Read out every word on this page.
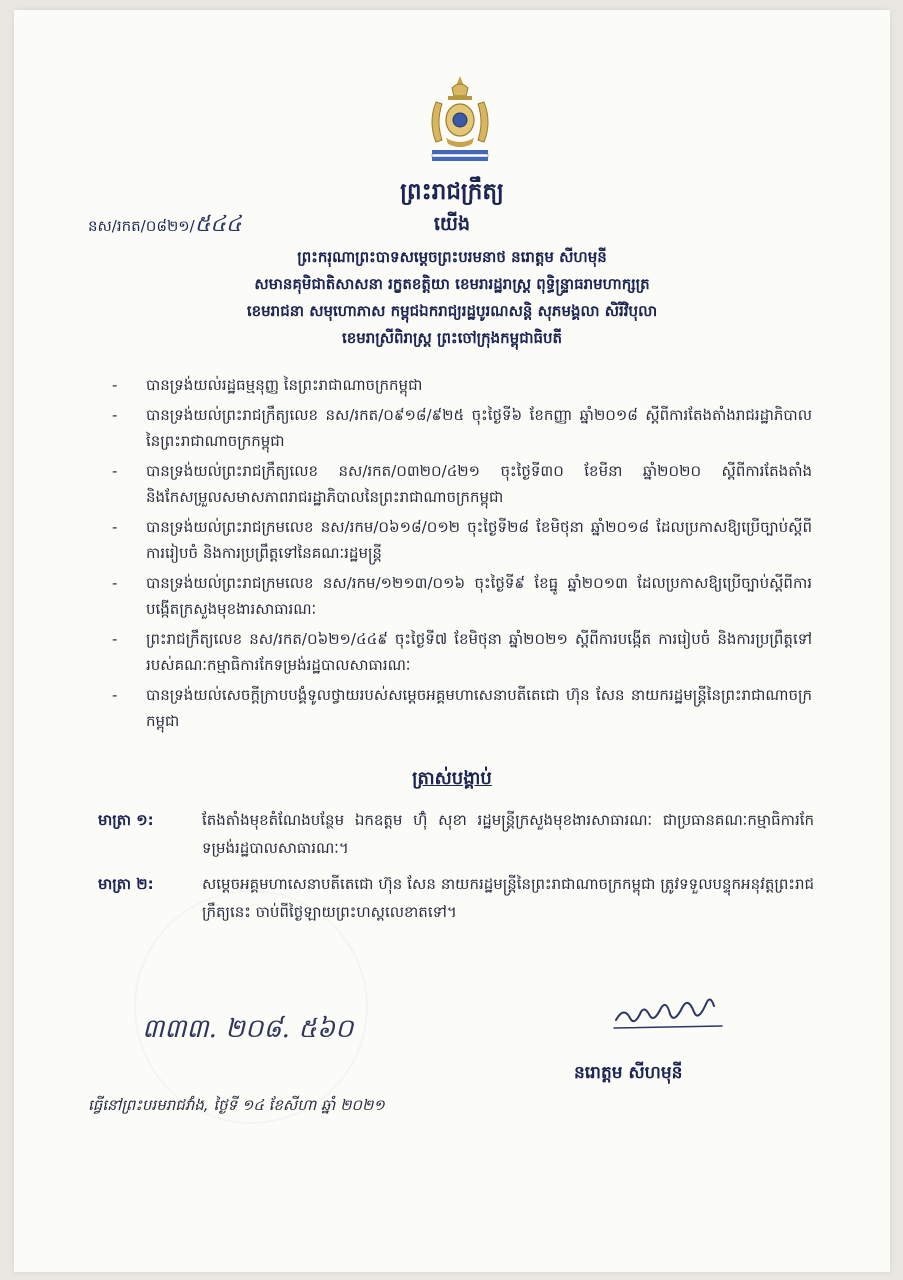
ព្រះរាជក្រឹត្យ
នស/រកត/០៨២១/៥៤៤	យើង
ព្រះករុណាព្រះបាទសម្តេចព្រះបរមនាថ នរោត្តម សីហមុនី
សមានគុមិជាតិសាសនា រក្ខតខត្តិយា ខេមរារដ្ឋរាស្ត្រ ពុទ្ធិន្ទ្រាធរាមហាក្សត្រ
ខេមរាជនា សមុហោភាស កម្ពុជឯករាជ្យរដ្ឋបូរណសន្តិ សុភមង្គលា សិរីវិបុលា
ខេមរាស្រីពិរាស្ត្រ ព្រះចៅក្រុងកម្ពុជាធិបតី
-	បានទ្រង់យល់រដ្ឋធម្មនុញ្ញ នៃព្រះរាជាណាចក្រកម្ពុជា
-	បានទ្រង់យល់ព្រះរាជក្រឹត្យលេខ នស/រកត/០៩១៨/៩២៥ ចុះថ្ងៃទី៦ ខែកញ្ញា ឆ្នាំ២០១៨ ស្តីពីការតែងតាំងរាជរដ្ឋាភិបាលនៃព្រះរាជាណាចក្រកម្ពុជា
-	បានទ្រង់យល់ព្រះរាជក្រឹត្យលេខ នស/រកត/០៣២០/៤២១ ចុះថ្ងៃទី៣០ ខែមីនា ឆ្នាំ២០២០ ស្តីពីការតែងតាំង និងកែសម្រួលសមាសភាពរាជរដ្ឋាភិបាលនៃព្រះរាជាណាចក្រកម្ពុជា
-	បានទ្រង់យល់ព្រះរាជក្រមលេខ នស/រកម/០៦១៨/០១២ ចុះថ្ងៃទី២៨ ខែមិថុនា ឆ្នាំ២០១៨ ដែលប្រកាសឱ្យប្រើច្បាប់ស្តីពីការរៀបចំ និងការប្រព្រឹត្តទៅនៃគណៈរដ្ឋមន្ត្រី
-	បានទ្រង់យល់ព្រះរាជក្រមលេខ នស/រកម/១២១៣/០១៦ ចុះថ្ងៃទី៩ ខែធ្នូ ឆ្នាំ២០១៣ ដែលប្រកាសឱ្យប្រើច្បាប់ស្តីពីការបង្កើតក្រសួងមុខងារសាធារណៈ
-	ព្រះរាជក្រឹត្យលេខ នស/រកត/០៦២១/៤៤៩ ចុះថ្ងៃទី៧ ខែមិថុនា ឆ្នាំ២០២១ ស្តីពីការបង្កើត ការរៀបចំ និងការប្រព្រឹត្តទៅរបស់គណៈកម្មាធិការកែទម្រង់រដ្ឋបាលសាធារណៈ
-	បានទ្រង់យល់សេចក្តីក្រាបបង្គំទូលថ្វាយរបស់សម្តេចអគ្គមហាសេនាបតីតេជោ ហ៊ុន សែន នាយករដ្ឋមន្ត្រីនៃព្រះរាជាណាចក្រកម្ពុជា
ត្រាស់បង្គាប់
មាត្រា ១:	តែងតាំងមុខតំណែងបន្ថែម ឯកឧត្តម ហ៊ុំ សុខា រដ្ឋមន្ត្រីក្រសួងមុខងារសាធារណៈ ជាប្រធានគណៈកម្មាធិការកែទម្រង់រដ្ឋបាលសាធារណៈ។
មាត្រា ២:	សម្តេចអគ្គមហាសេនាបតីតេជោ ហ៊ុន សែន នាយករដ្ឋមន្ត្រីនៃព្រះរាជាណាចក្រកម្ពុជា ត្រូវទទួលបន្ទុកអនុវត្តព្រះរាជក្រឹត្យនេះ ចាប់ពីថ្ងៃឡាយព្រះហស្តលេខាតទៅ។
៣៣៣. ២០៨. ៥៦០
នរោត្តម សីហមុនី
ធ្វើនៅព្រះបរមរាជវាំង, ថ្ងៃទី ១៤ ខែសីហា ឆ្នាំ ២០២១
